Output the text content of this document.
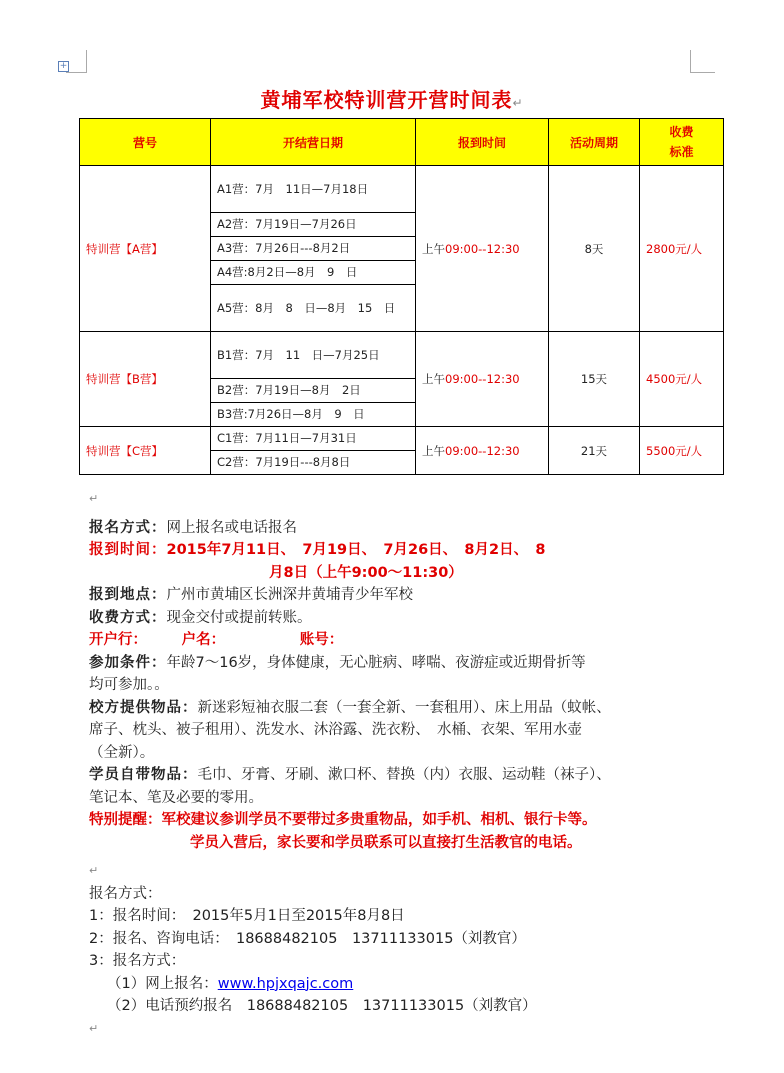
+
黄埔军校特训营开营时间表↵
营号	开结营日期	报到时间	活动周期	收费
标准
特训营【A营】	A1营：7月　11日—7月18日	上午09:00--12:30	8天	2800元/人
	A2营：7月19日—7月26日			
	A3营：7月26日---8月2日			
	A4营:8月2日—8月　9　日			
	A5营：8月　8　日—8月　15　日			
特训营【B营】	B1营：7月　11　日—7月25日	上午09:00--12:30	15天	4500元/人
	B2营：7月19日—8月　2日			
	B3营:7月26日—8月　9　日			
特训营【C营】	C1营：7月11日—7月31日	上午09:00--12:30	21天	5500元/人
	C2营：7月19日---8月8日			
↵
报名方式：网上报名或电话报名
报到时间：2015年7月11日、　7月19日、　7月26日、　8月2日、　8
月8日（上午9:00～11:30）
报到地点：广州市黄埔区长洲深井黄埔青少年军校
收费方式：现金交付或提前转账。
开户行： 户名：	账号：
参加条件：年龄7～16岁，身体健康，无心脏病、哮喘、夜游症或近期骨折等
均可参加。。
校方提供物品：新迷彩短袖衣服二套（一套全新、一套租用）、床上用品（蚊帐、
席子、枕头、被子租用）、洗发水、沐浴露、洗衣粉、　水桶、衣架、军用水壶
（全新）。
学员自带物品：毛巾、牙膏、牙刷、漱口杯、替换（内）衣服、运动鞋（袜子）、
笔记本、笔及必要的零用。
特别提醒：军校建议参训学员不要带过多贵重物品，如手机、相机、银行卡等。
学员入营后，家长要和学员联系可以直接打生活教官的电话。
↵
报名方式：
1：报名时间：　2015年5月1日至2015年8月8日
2：报名、咨询电话：　18688482105　13711133015（刘教官）
3：报名方式：
（1）网上报名：www.hpjxqajc.com
（2）电话预约报名　18688482105　13711133015（刘教官）
↵
